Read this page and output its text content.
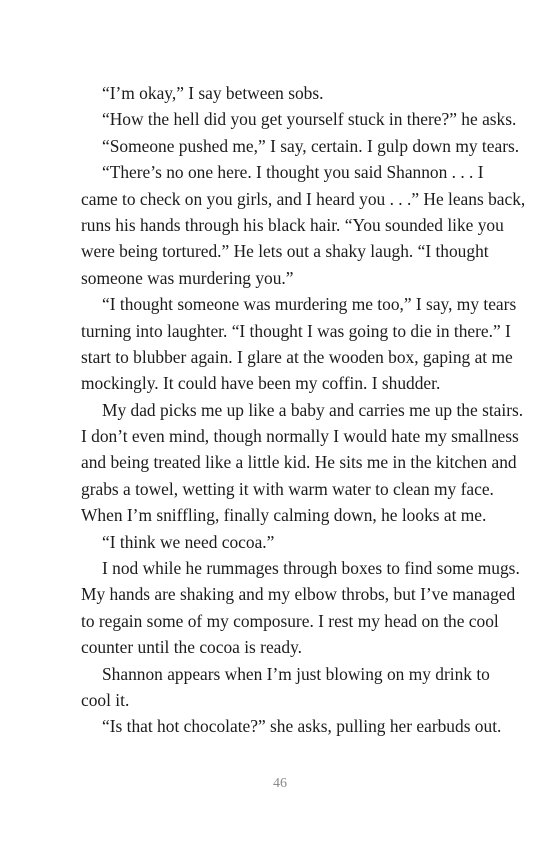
“I’m okay,” I say between sobs.
“How the hell did you get yourself stuck in there?” he asks.
“Someone pushed me,” I say, certain. I gulp down my tears.
“There’s no one here. I thought you said Shannon . . . I
came to check on you girls, and I heard you . . .” He leans back,
runs his hands through his black hair. “You sounded like you
were being tortured.” He lets out a shaky laugh. “I thought
someone was murdering you.”
“I thought someone was murdering me too,” I say, my tears
turning into laughter. “I thought I was going to die in there.” I
start to blubber again. I glare at the wooden box, gaping at me
mockingly. It could have been my coffin. I shudder.
My dad picks me up like a baby and carries me up the stairs.
I don’t even mind, though normally I would hate my smallness
and being treated like a little kid. He sits me in the kitchen and
grabs a towel, wetting it with warm water to clean my face.
When I’m sniffling, finally calming down, he looks at me.
“I think we need cocoa.”
I nod while he rummages through boxes to find some mugs.
My hands are shaking and my elbow throbs, but I’ve managed
to regain some of my composure. I rest my head on the cool
counter until the cocoa is ready.
Shannon appears when I’m just blowing on my drink to
cool it.
“Is that hot chocolate?” she asks, pulling her earbuds out.
46
